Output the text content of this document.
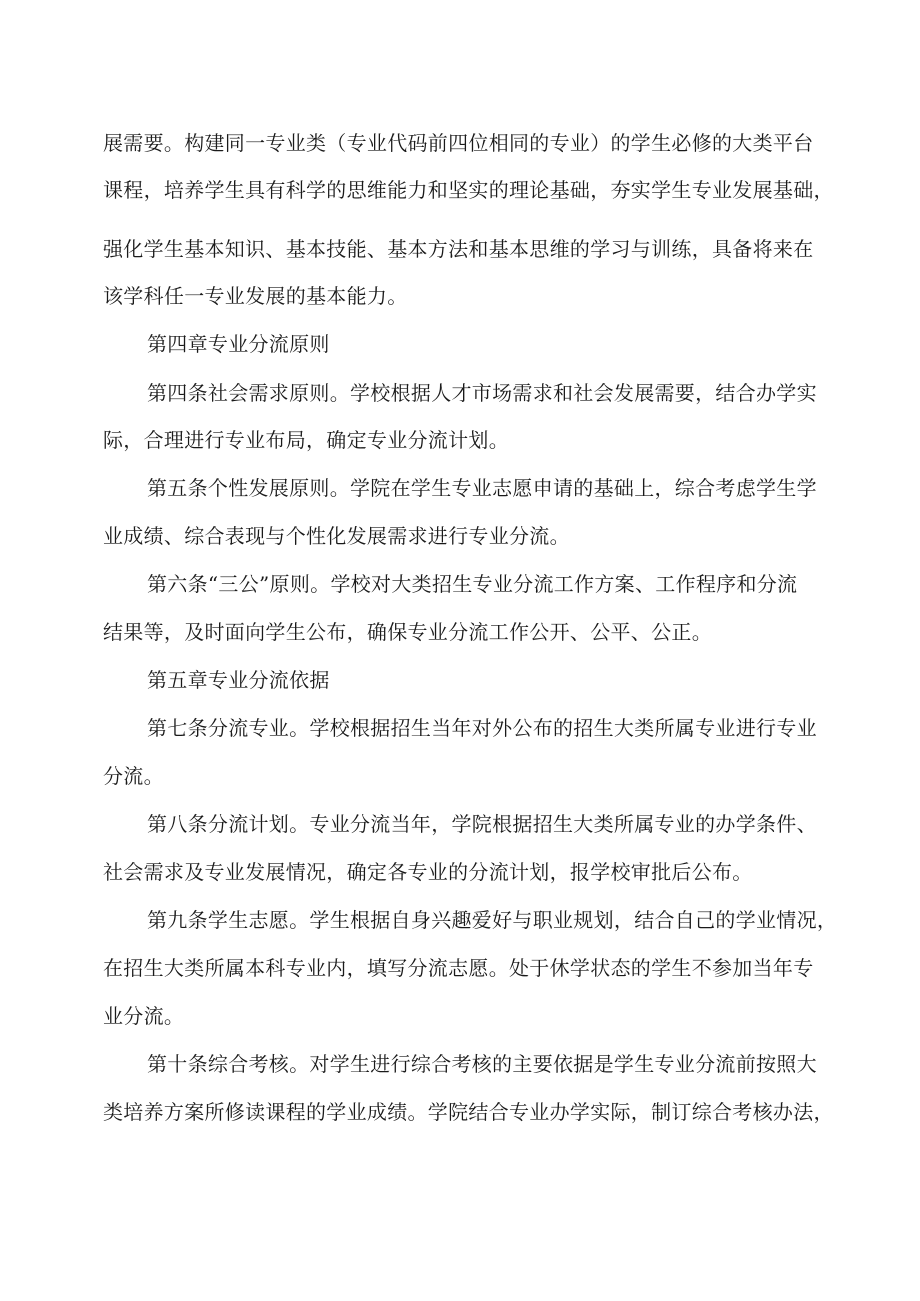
展需要。构建同一专业类（专业代码前四位相同的专业）的学生必修的大类平台
课程，培养学生具有科学的思维能力和坚实的理论基础，夯实学生专业发展基础，
强化学生基本知识、基本技能、基本方法和基本思维的学习与训练，具备将来在
该学科任一专业发展的基本能力。
第四章专业分流原则
第四条社会需求原则。学校根据人才市场需求和社会发展需要，结合办学实
际，合理进行专业布局，确定专业分流计划。
第五条个性发展原则。学院在学生专业志愿申请的基础上，综合考虑学生学
业成绩、综合表现与个性化发展需求进行专业分流。
第六条“三公”原则。学校对大类招生专业分流工作方案、工作程序和分流
结果等，及时面向学生公布，确保专业分流工作公开、公平、公正。
第五章专业分流依据
第七条分流专业。学校根据招生当年对外公布的招生大类所属专业进行专业
分流。
第八条分流计划。专业分流当年，学院根据招生大类所属专业的办学条件、
社会需求及专业发展情况，确定各专业的分流计划，报学校审批后公布。
第九条学生志愿。学生根据自身兴趣爱好与职业规划，结合自己的学业情况，
在招生大类所属本科专业内，填写分流志愿。处于休学状态的学生不参加当年专
业分流。
第十条综合考核。对学生进行综合考核的主要依据是学生专业分流前按照大
类培养方案所修读课程的学业成绩。学院结合专业办学实际，制订综合考核办法，
